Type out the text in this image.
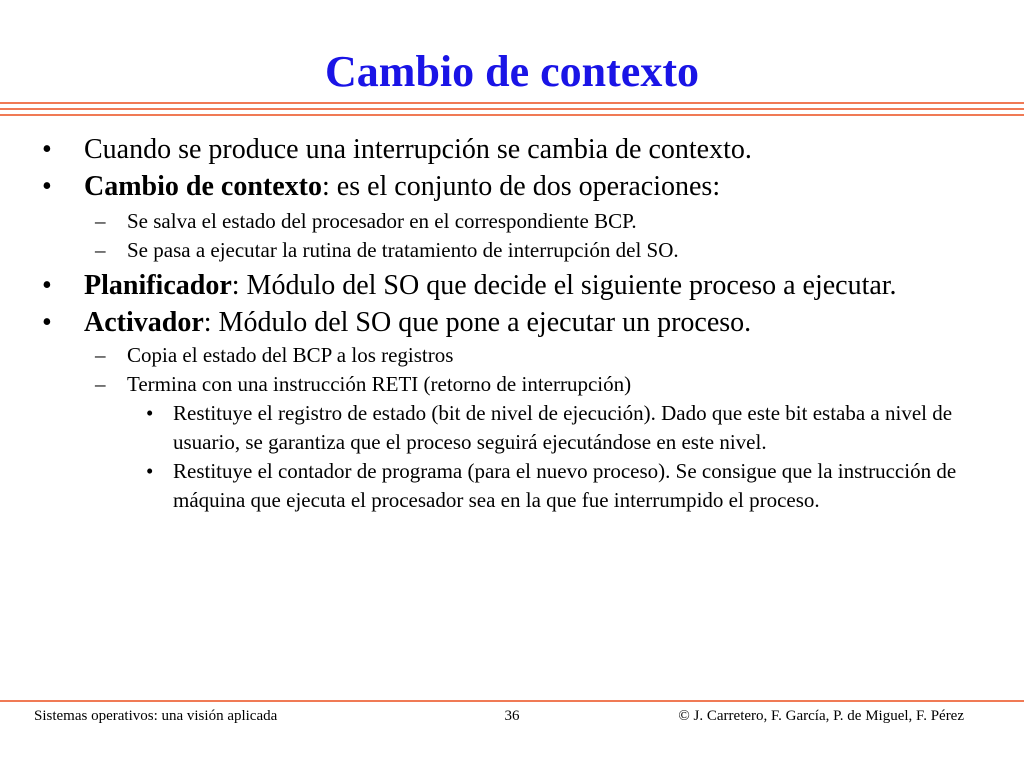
Cambio de contexto
• Cuando se produce una interrupción se cambia de contexto.
• Cambio de contexto: es el conjunto de dos operaciones:
– Se salva el estado del procesador en el correspondiente BCP.
– Se pasa a ejecutar la rutina de tratamiento de interrupción del SO.
• Planificador: Módulo del SO que decide el siguiente proceso a ejecutar.
• Activador: Módulo del SO que pone a ejecutar un proceso.
– Copia el estado del BCP a los registros
– Termina con una instrucción RETI (retorno de interrupción)
• Restituye el registro de estado (bit de nivel de ejecución). Dado que este bit estaba a nivel de usuario, se garantiza que el proceso seguirá ejecutándose en este nivel.
• Restituye el contador de programa (para el nuevo proceso). Se consigue que la instrucción de máquina que ejecuta el procesador sea en la que fue interrumpido el proceso.
Sistemas operativos: una visión aplicada	36	© J. Carretero, F. García, P. de Miguel, F. Pérez
